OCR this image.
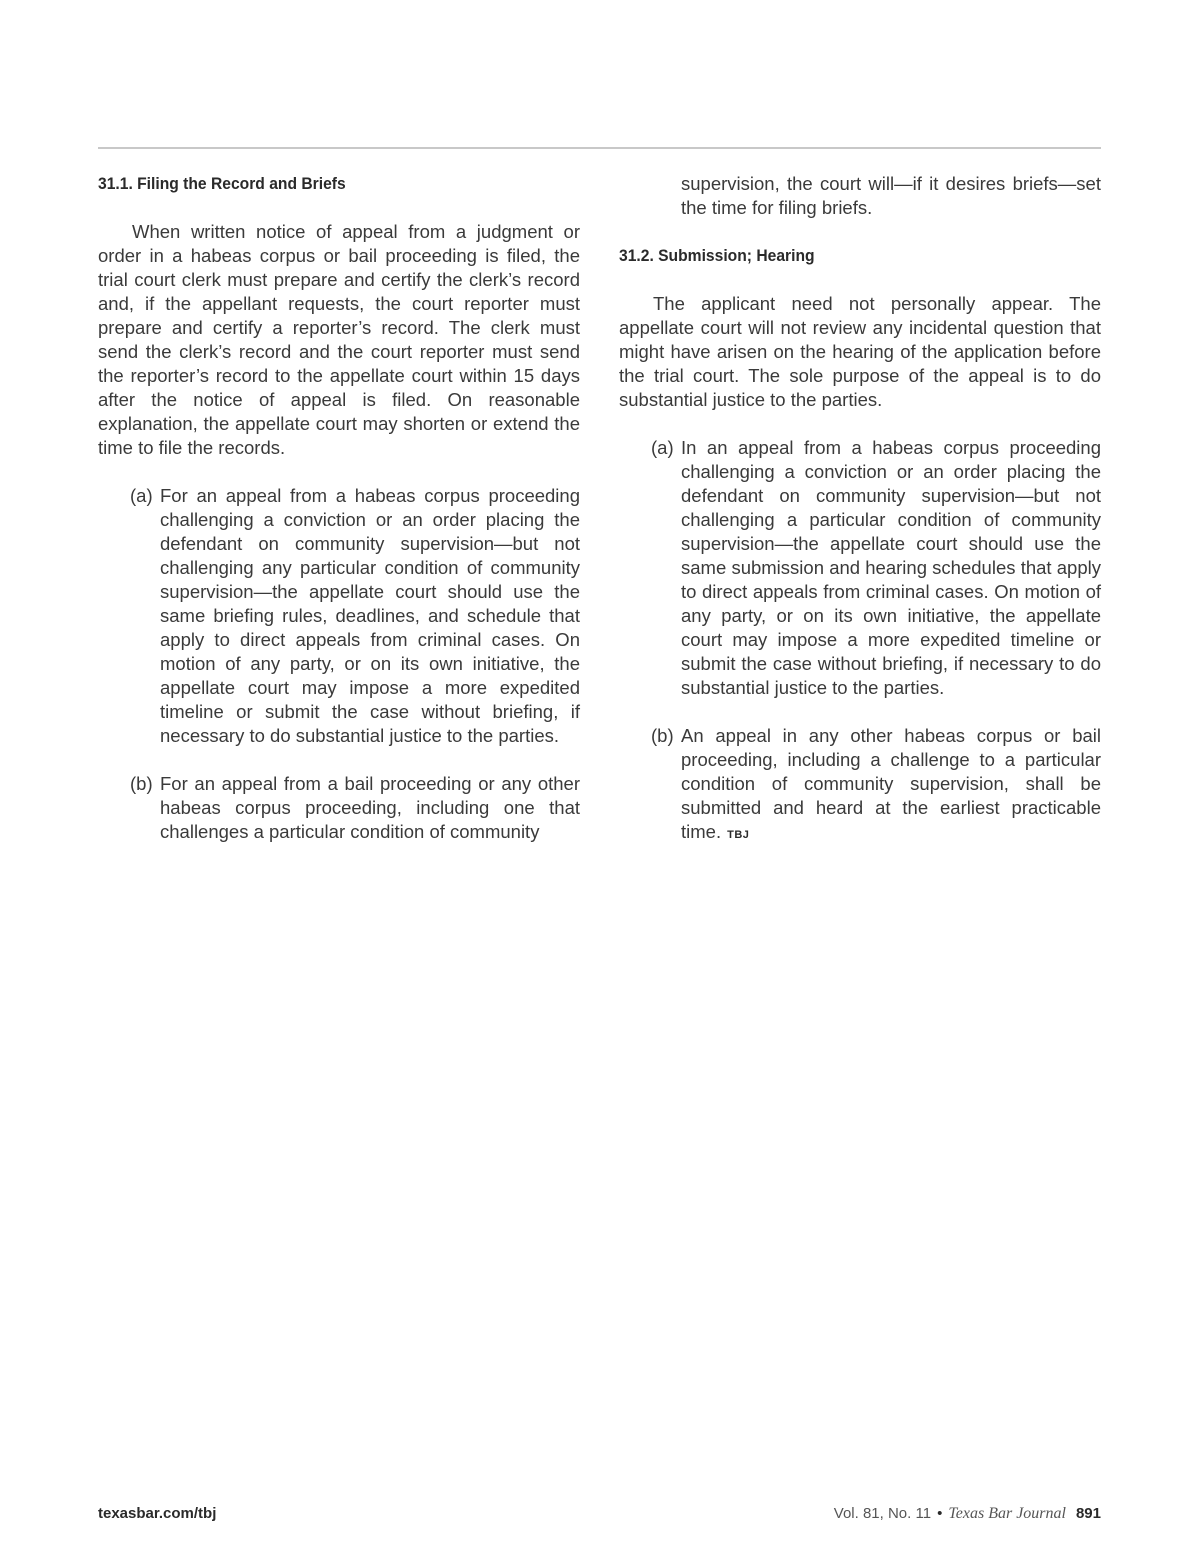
31.1. Filing the Record and Briefs

When written notice of appeal from a judgment or order in a habeas corpus or bail proceeding is filed, the trial court clerk must prepare and certify the clerk’s record and, if the appellant requests, the court reporter must prepare and certify a reporter’s record. The clerk must send the clerk’s record and the court reporter must send the reporter’s record to the appellate court within 15 days after the notice of appeal is filed. On reasonable explanation, the appellate court may shorten or extend the time to file the records.

(a) For an appeal from a habeas corpus proceeding challenging a conviction or an order placing the defendant on community supervision—but not challenging any particular condition of community supervision—the appellate court should use the same briefing rules, deadlines, and schedule that apply to direct appeals from criminal cases. On motion of any party, or on its own initiative, the appellate court may impose a more expedited timeline or submit the case without briefing, if necessary to do substantial justice to the parties.
(b) For an appeal from a bail proceeding or any other habeas corpus proceeding, including one that challenges a particular condition of community
supervision, the court will—if it desires briefs—set the time for filing briefs.
31.2. Submission; Hearing

The applicant need not personally appear. The appellate court will not review any incidental question that might have arisen on the hearing of the application before the trial court. The sole purpose of the appeal is to do substantial justice to the parties.

(a) In an appeal from a habeas corpus proceeding challenging a conviction or an order placing the defendant on community supervision—but not challenging a particular condition of community supervision—the appellate court should use the same submission and hearing schedules that apply to direct appeals from criminal cases. On motion of any party, or on its own initiative, the appellate court may impose a more expedited timeline or submit the case without briefing, if necessary to do substantial justice to the parties.
(b) An appeal in any other habeas corpus or bail proceeding, including a challenge to a particular condition of community supervision, shall be submitted and heard at the earliest practicable time. TBJ
texasbar.com/tbj	Vol. 81, No. 11 • Texas Bar Journal 891
